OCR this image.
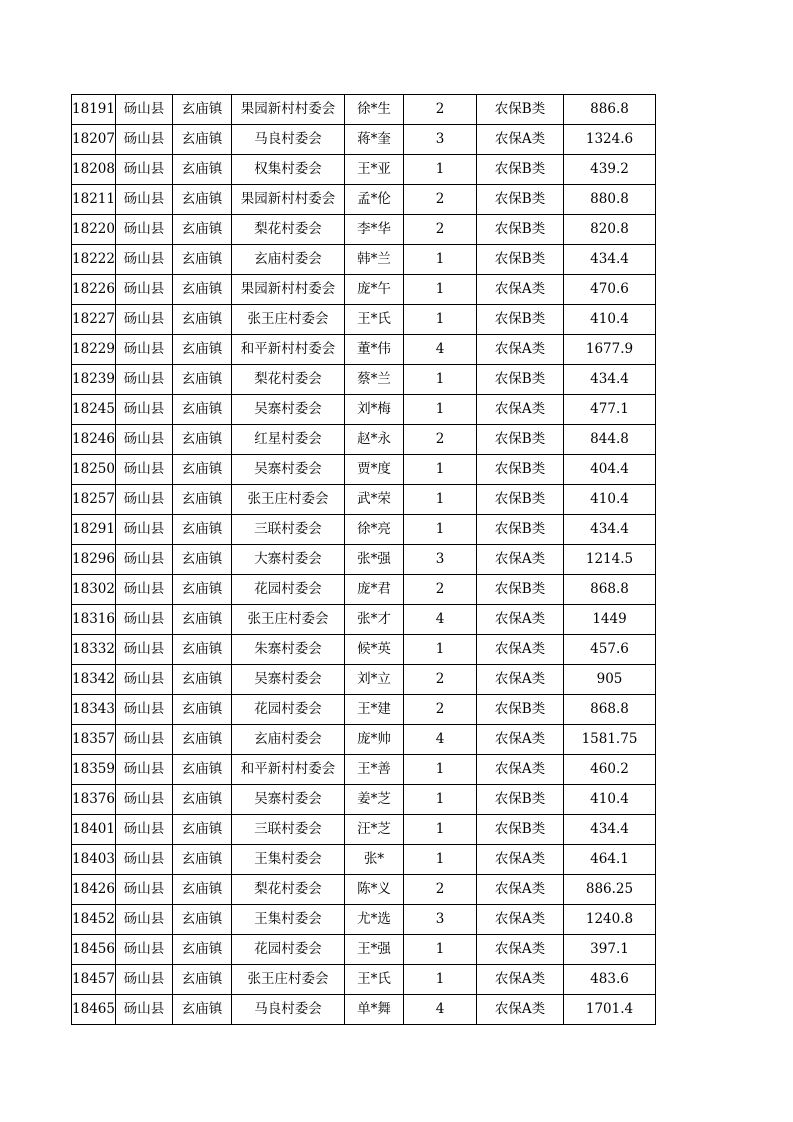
18191	砀山县	玄庙镇	果园新村村委会	徐*生	2	农保B类	886.8
18207	砀山县	玄庙镇	马良村委会	蒋*奎	3	农保A类	1324.6
18208	砀山县	玄庙镇	权集村委会	王*亚	1	农保B类	439.2
18211	砀山县	玄庙镇	果园新村村委会	孟*伦	2	农保B类	880.8
18220	砀山县	玄庙镇	梨花村委会	李*华	2	农保B类	820.8
18222	砀山县	玄庙镇	玄庙村委会	韩*兰	1	农保B类	434.4
18226	砀山县	玄庙镇	果园新村村委会	庞*午	1	农保A类	470.6
18227	砀山县	玄庙镇	张王庄村委会	王*氏	1	农保B类	410.4
18229	砀山县	玄庙镇	和平新村村委会	董*伟	4	农保A类	1677.9
18239	砀山县	玄庙镇	梨花村委会	蔡*兰	1	农保B类	434.4
18245	砀山县	玄庙镇	吴寨村委会	刘*梅	1	农保A类	477.1
18246	砀山县	玄庙镇	红星村委会	赵*永	2	农保B类	844.8
18250	砀山县	玄庙镇	吴寨村委会	贾*度	1	农保B类	404.4
18257	砀山县	玄庙镇	张王庄村委会	武*荣	1	农保B类	410.4
18291	砀山县	玄庙镇	三联村委会	徐*亮	1	农保B类	434.4
18296	砀山县	玄庙镇	大寨村委会	张*强	3	农保A类	1214.5
18302	砀山县	玄庙镇	花园村委会	庞*君	2	农保B类	868.8
18316	砀山县	玄庙镇	张王庄村委会	张*才	4	农保A类	1449
18332	砀山县	玄庙镇	朱寨村委会	候*英	1	农保A类	457.6
18342	砀山县	玄庙镇	吴寨村委会	刘*立	2	农保A类	905
18343	砀山县	玄庙镇	花园村委会	王*建	2	农保B类	868.8
18357	砀山县	玄庙镇	玄庙村委会	庞*帅	4	农保A类	1581.75
18359	砀山县	玄庙镇	和平新村村委会	王*善	1	农保A类	460.2
18376	砀山县	玄庙镇	吴寨村委会	姜*芝	1	农保B类	410.4
18401	砀山县	玄庙镇	三联村委会	汪*芝	1	农保B类	434.4
18403	砀山县	玄庙镇	王集村委会	张*	1	农保A类	464.1
18426	砀山县	玄庙镇	梨花村委会	陈*义	2	农保A类	886.25
18452	砀山县	玄庙镇	王集村委会	尤*选	3	农保A类	1240.8
18456	砀山县	玄庙镇	花园村委会	王*强	1	农保A类	397.1
18457	砀山县	玄庙镇	张王庄村委会	王*氏	1	农保A类	483.6
18465	砀山县	玄庙镇	马良村委会	单*舞	4	农保A类	1701.4
